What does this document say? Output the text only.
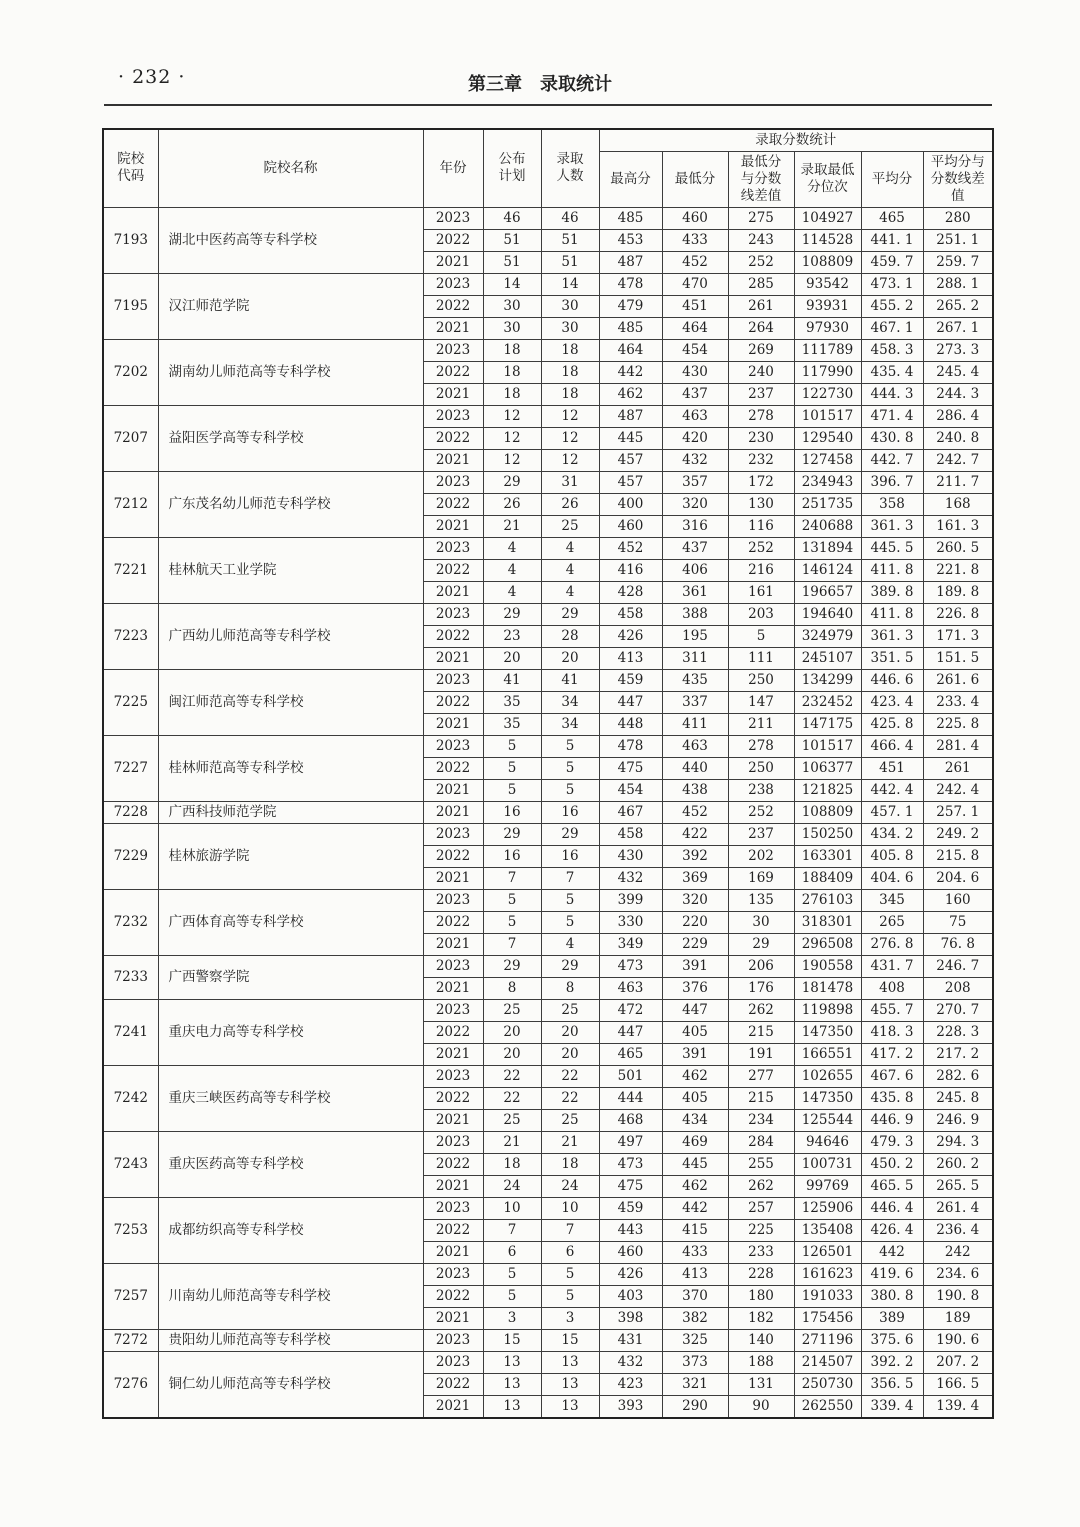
· 232 ·	第三章　录取统计
院校代码	院校名称	年份	公布计划	录取人数	录取分数统计					
					最高分	最低分	最低分与分数线差值	录取最低分位次	平均分	平均分与分数线差值
7193	湖北中医药高等专科学校	2023	46	46	485	460	275	104927	465	280
		2022	51	51	453	433	243	114528	441. 1	251. 1
		2021	51	51	487	452	252	108809	459. 7	259. 7
7195	汉江师范学院	2023	14	14	478	470	285	93542	473. 1	288. 1
		2022	30	30	479	451	261	93931	455. 2	265. 2
		2021	30	30	485	464	264	97930	467. 1	267. 1
7202	湖南幼儿师范高等专科学校	2023	18	18	464	454	269	111789	458. 3	273. 3
		2022	18	18	442	430	240	117990	435. 4	245. 4
		2021	18	18	462	437	237	122730	444. 3	244. 3
7207	益阳医学高等专科学校	2023	12	12	487	463	278	101517	471. 4	286. 4
		2022	12	12	445	420	230	129540	430. 8	240. 8
		2021	12	12	457	432	232	127458	442. 7	242. 7
7212	广东茂名幼儿师范专科学校	2023	29	31	457	357	172	234943	396. 7	211. 7
		2022	26	26	400	320	130	251735	358	168
		2021	21	25	460	316	116	240688	361. 3	161. 3
7221	桂林航天工业学院	2023	4	4	452	437	252	131894	445. 5	260. 5
		2022	4	4	416	406	216	146124	411. 8	221. 8
		2021	4	4	428	361	161	196657	389. 8	189. 8
7223	广西幼儿师范高等专科学校	2023	29	29	458	388	203	194640	411. 8	226. 8
		2022	23	28	426	195	5	324979	361. 3	171. 3
		2021	20	20	413	311	111	245107	351. 5	151. 5
7225	闽江师范高等专科学校	2023	41	41	459	435	250	134299	446. 6	261. 6
		2022	35	34	447	337	147	232452	423. 4	233. 4
		2021	35	34	448	411	211	147175	425. 8	225. 8
7227	桂林师范高等专科学校	2023	5	5	478	463	278	101517	466. 4	281. 4
		2022	5	5	475	440	250	106377	451	261
		2021	5	5	454	438	238	121825	442. 4	242. 4
7228	广西科技师范学院	2021	16	16	467	452	252	108809	457. 1	257. 1
7229	桂林旅游学院	2023	29	29	458	422	237	150250	434. 2	249. 2
		2022	16	16	430	392	202	163301	405. 8	215. 8
		2021	7	7	432	369	169	188409	404. 6	204. 6
7232	广西体育高等专科学校	2023	5	5	399	320	135	276103	345	160
		2022	5	5	330	220	30	318301	265	75
		2021	7	4	349	229	29	296508	276. 8	76. 8
7233	广西警察学院	2023	29	29	473	391	206	190558	431. 7	246. 7
		2021	8	8	463	376	176	181478	408	208
7241	重庆电力高等专科学校	2023	25	25	472	447	262	119898	455. 7	270. 7
		2022	20	20	447	405	215	147350	418. 3	228. 3
		2021	20	20	465	391	191	166551	417. 2	217. 2
7242	重庆三峡医药高等专科学校	2023	22	22	501	462	277	102655	467. 6	282. 6
		2022	22	22	444	405	215	147350	435. 8	245. 8
		2021	25	25	468	434	234	125544	446. 9	246. 9
7243	重庆医药高等专科学校	2023	21	21	497	469	284	94646	479. 3	294. 3
		2022	18	18	473	445	255	100731	450. 2	260. 2
		2021	24	24	475	462	262	99769	465. 5	265. 5
7253	成都纺织高等专科学校	2023	10	10	459	442	257	125906	446. 4	261. 4
		2022	7	7	443	415	225	135408	426. 4	236. 4
		2021	6	6	460	433	233	126501	442	242
7257	川南幼儿师范高等专科学校	2023	5	5	426	413	228	161623	419. 6	234. 6
		2022	5	5	403	370	180	191033	380. 8	190. 8
		2021	3	3	398	382	182	175456	389	189
7272	贵阳幼儿师范高等专科学校	2023	15	15	431	325	140	271196	375. 6	190. 6
7276	铜仁幼儿师范高等专科学校	2023	13	13	432	373	188	214507	392. 2	207. 2
		2022	13	13	423	321	131	250730	356. 5	166. 5
		2021	13	13	393	290	90	262550	339. 4	139. 4
